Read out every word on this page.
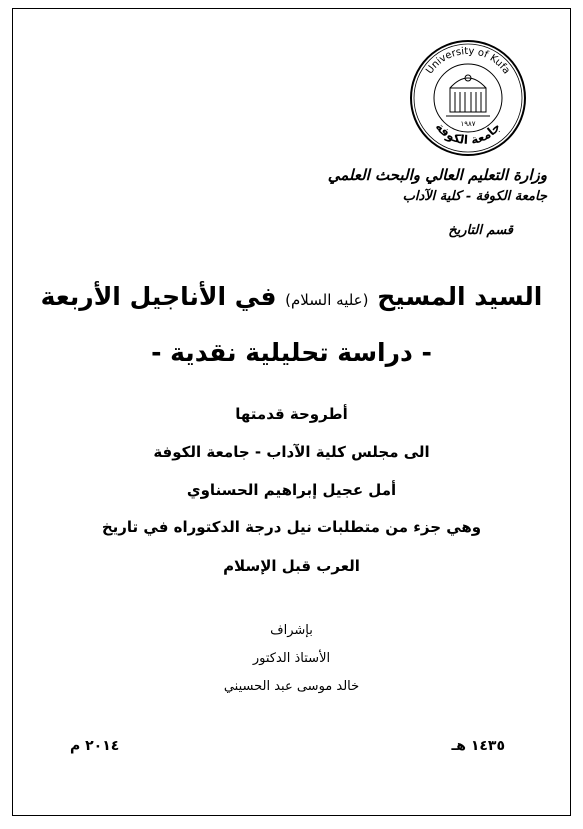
University of Kufa
جامعة الكوفة
١٩٨٧
وزارة التعليم العالي والبحث العلمي
جامعة الكوفة - كلية الآداب
قسم التاريخ
السيد المسيح (عليه السلام) في الأناجيل الأربعة
- دراسة تحليلية نقدية -
أطروحة قدمتها
الى مجلس كلية الآداب - جامعة الكوفة
أمل عجيل إبراهيم الحسناوي
وهي جزء من متطلبات نيل درجة الدكتوراه في تاريخ
العرب قبل الإسلام
بإشراف
الأستاذ الدكتور
خالد موسى عبد الحسيني
١٤٣٥ هـ
٢٠١٤ م
